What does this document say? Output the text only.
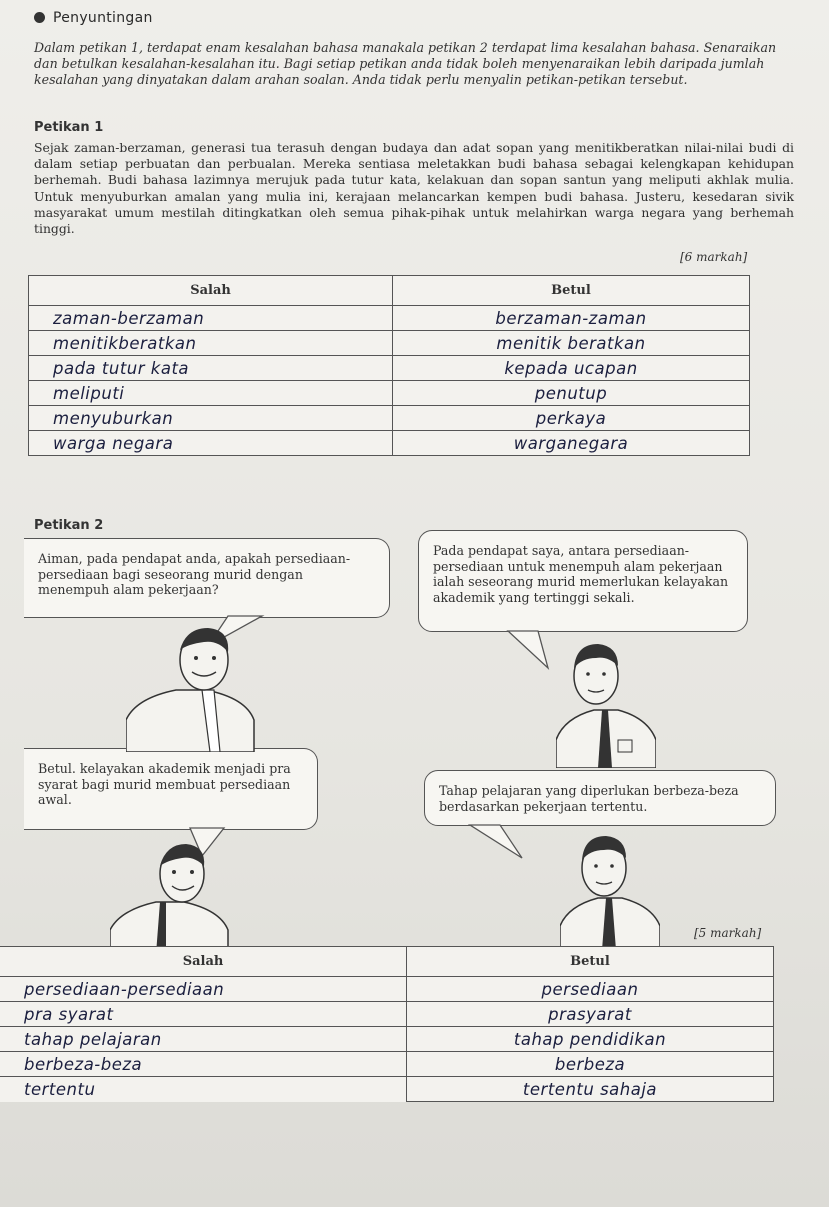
Penyuntingan
Dalam petikan 1, terdapat enam kesalahan bahasa manakala petikan 2 terdapat lima kesalahan bahasa. Senaraikan dan betulkan kesalahan-kesalahan itu. Bagi setiap petikan anda tidak boleh menyenaraikan lebih daripada jumlah kesalahan yang dinyatakan dalam arahan soalan. Anda tidak perlu menyalin petikan-petikan tersebut.
Petikan 1
Sejak zaman-berzaman, generasi tua terasuh dengan budaya dan adat sopan yang menitikberatkan nilai-nilai budi di dalam setiap perbuatan dan perbualan. Mereka sentiasa meletakkan budi bahasa sebagai kelengkapan kehidupan berhemah. Budi bahasa lazimnya merujuk pada tutur kata, kelakuan dan sopan santun yang meliputi akhlak mulia. Untuk menyuburkan amalan yang mulia ini, kerajaan melancarkan kempen budi bahasa. Justeru, kesedaran sivik masyarakat umum mestilah ditingkatkan oleh semua pihak-pihak untuk melahirkan warga negara yang berhemah tinggi.
[6 markah]
Salah	Betul
zaman-berzaman	berzaman-zaman
menitikberatkan	menitik beratkan
pada tutur kata	kepada ucapan
meliputi	penutup
menyuburkan	perkaya
warga negara	warganegara
Petikan 2
Aiman, pada pendapat anda, apakah persediaan-persediaan bagi seseorang murid dengan menempuh alam pekerjaan?
Pada pendapat saya, antara persediaan-persediaan untuk menempuh alam pekerjaan ialah seseorang murid memerlukan kelayakan akademik yang tertinggi sekali.
Betul. kelayakan akademik menjadi pra syarat bagi murid membuat persediaan awal.
Tahap pelajaran yang diperlukan berbeza-beza berdasarkan pekerjaan tertentu.
[5 markah]
Salah	Betul
persediaan-persediaan	persediaan
pra syarat	prasyarat
tahap pelajaran	tahap pendidikan
berbeza-beza	berbeza
tertentu	tertentu sahaja
